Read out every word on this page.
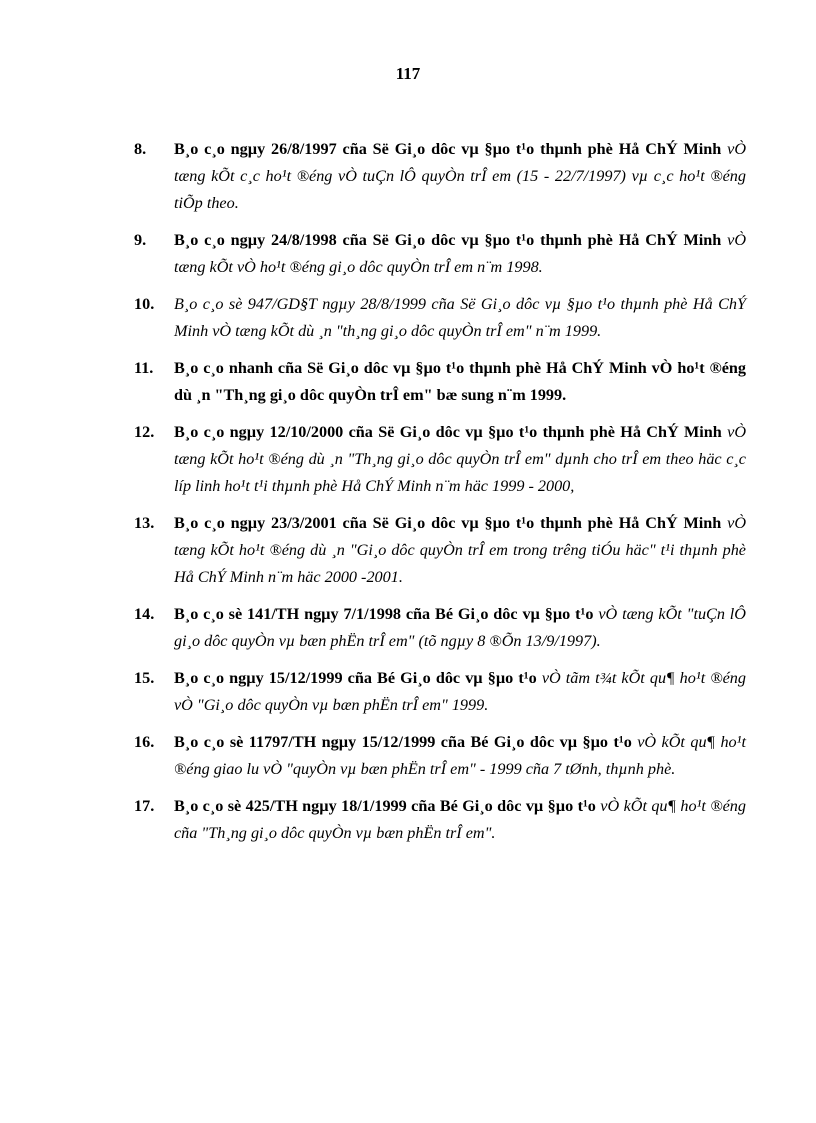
117
8. B¸o c¸o ngµy 26/8/1997 cña Së Gi¸o dôc vµ §µo t¹o thµnh phè Hå ChÝ Minh vÒ tæng kÕt c¸c ho¹t ®éng vÒ tuÇn lÔ quyÒn trÎ em (15 - 22/7/1997) vµ c¸c ho¹t ®éng tiÕp theo.
9. B¸o c¸o ngµy 24/8/1998 cña Së Gi¸o dôc vµ §µo t¹o thµnh phè Hå ChÝ Minh vÒ tæng kÕt vÒ ho¹t ®éng gi¸o dôc quyÒn trÎ em n¨m 1998.
10. B¸o c¸o sè 947/GD§T ngµy 28/8/1999 cña Së Gi¸o dôc vµ §µo t¹o thµnh phè Hå ChÝ Minh vÒ tæng kÕt dù ¸n "th¸ng gi¸o dôc quyÒn trÎ em" n¨m 1999.
11. B¸o c¸o nhanh cña Së Gi¸o dôc vµ §µo t¹o thµnh phè Hå ChÝ Minh vÒ ho¹t ®éng dù ¸n "Th¸ng gi¸o dôc quyÒn trÎ em" bæ sung n¨m 1999.
12. B¸o c¸o ngµy 12/10/2000 cña Së Gi¸o dôc vµ §µo t¹o thµnh phè Hå ChÝ Minh vÒ tæng kÕt ho¹t ®éng dù ¸n "Th¸ng gi¸o dôc quyÒn trÎ em" dµnh cho trÎ em theo häc c¸c líp linh ho¹t t¹i thµnh phè Hå ChÝ Minh n¨m häc 1999 - 2000,
13. B¸o c¸o ngµy 23/3/2001 cña Së Gi¸o dôc vµ §µo t¹o thµnh phè Hå ChÝ Minh vÒ tæng kÕt ho¹t ®éng dù ¸n "Gi¸o dôc quyÒn trÎ em trong trêng tiÓu häc" t¹i thµnh phè Hå ChÝ Minh n¨m häc 2000 -2001.
14. B¸o c¸o sè 141/TH ngµy 7/1/1998 cña Bé Gi¸o dôc vµ §µo t¹o vÒ tæng kÕt "tuÇn lÔ gi¸o dôc quyÒn vµ bæn phËn trÎ em" (tõ ngµy 8 ®Õn 13/9/1997).
15. B¸o c¸o ngµy 15/12/1999 cña Bé Gi¸o dôc vµ §µo t¹o vÒ tãm t¾t kÕt qu¶ ho¹t ®éng vÒ "Gi¸o dôc quyÒn vµ bæn phËn trÎ em" 1999.
16. B¸o c¸o sè 11797/TH ngµy 15/12/1999 cña Bé Gi¸o dôc vµ §µo t¹o vÒ kÕt qu¶ ho¹t ®éng giao lu vÒ "quyÒn vµ bæn phËn trÎ em" - 1999 cña 7 tØnh, thµnh phè.
17. B¸o c¸o sè 425/TH ngµy 18/1/1999 cña Bé Gi¸o dôc vµ §µo t¹o vÒ kÕt qu¶ ho¹t ®éng cña "Th¸ng gi¸o dôc quyÒn vµ bæn phËn trÎ em".
